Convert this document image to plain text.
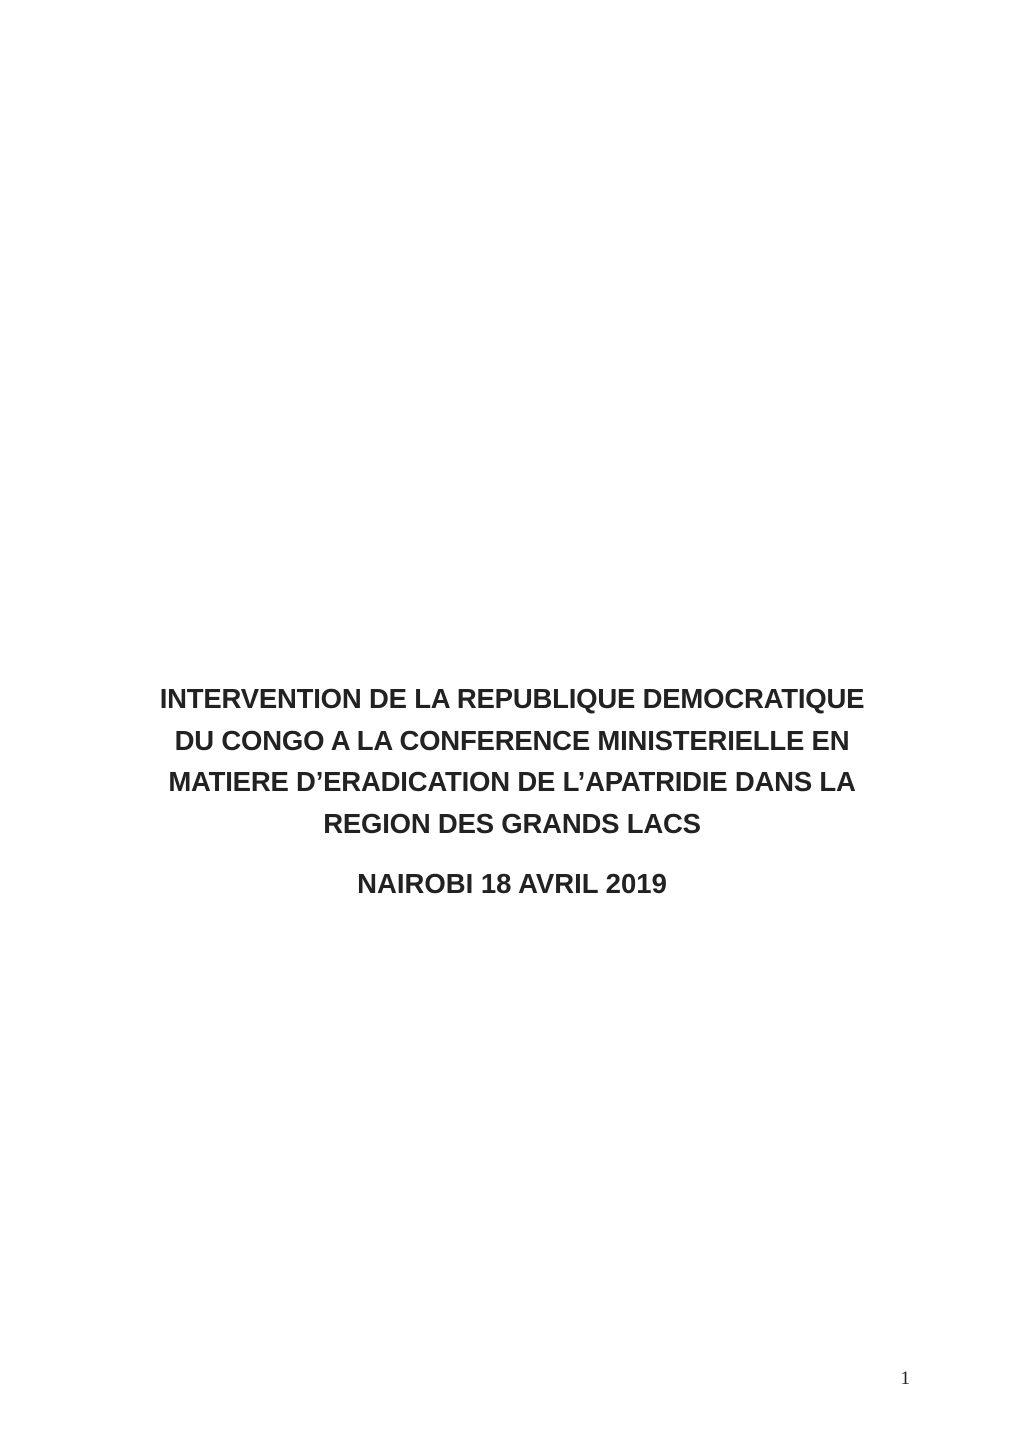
INTERVENTION DE LA REPUBLIQUE DEMOCRATIQUE
DU CONGO A LA CONFERENCE MINISTERIELLE EN
MATIERE D’ERADICATION DE L’APATRIDIE DANS LA
REGION DES GRANDS LACS
NAIROBI 18 AVRIL 2019
1
